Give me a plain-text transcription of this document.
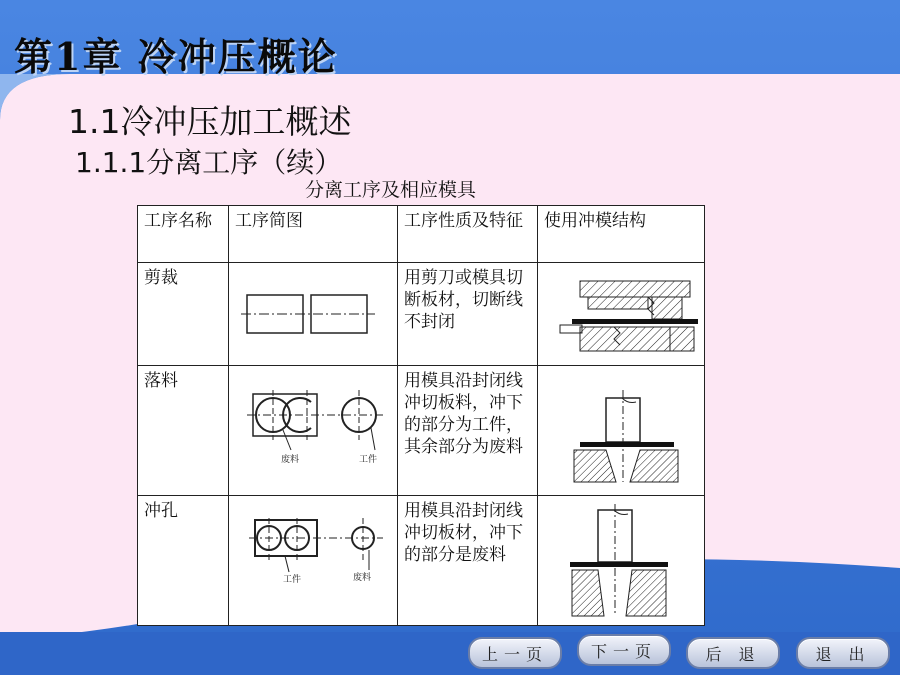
第1章 冷冲压概论
1.1冷冲压加工概述
1.1.1分离工序（续）
分离工序及相应模具
工序名称	工序简图	工序性质及特征	使用冲模结构
剪裁		用剪刀或模具切断板材，切断线不封闭	

落料	废料 工件	用模具沿封闭线冲切板料，冲下的部分为工件，其余部分为废料	

冲孔	工件 废料	用模具沿封闭线冲切板材，冲下的部分是废料	
上一页	下一页	后 退	退 出
